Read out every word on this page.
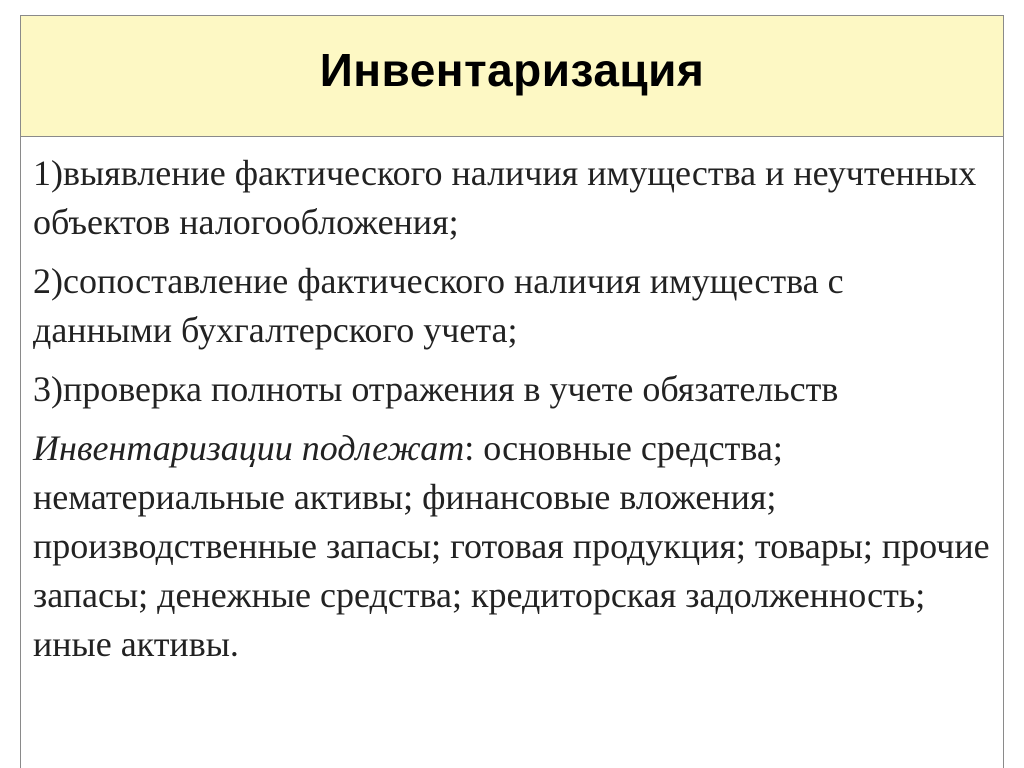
Инвентаризация

1)выявление фактического наличия имущества и неучтенных объектов налогообложения;

2)сопоставление фактического наличия имущества с данными бухгалтерского учета;

3)проверка полноты отражения в учете обязательств

Инвентаризации подлежат: основные средства; нематериальные активы; финансовые вложения; производственные запасы; готовая продукция; товары; прочие запасы; денежные средства; кредиторская задолженность; иные активы.
